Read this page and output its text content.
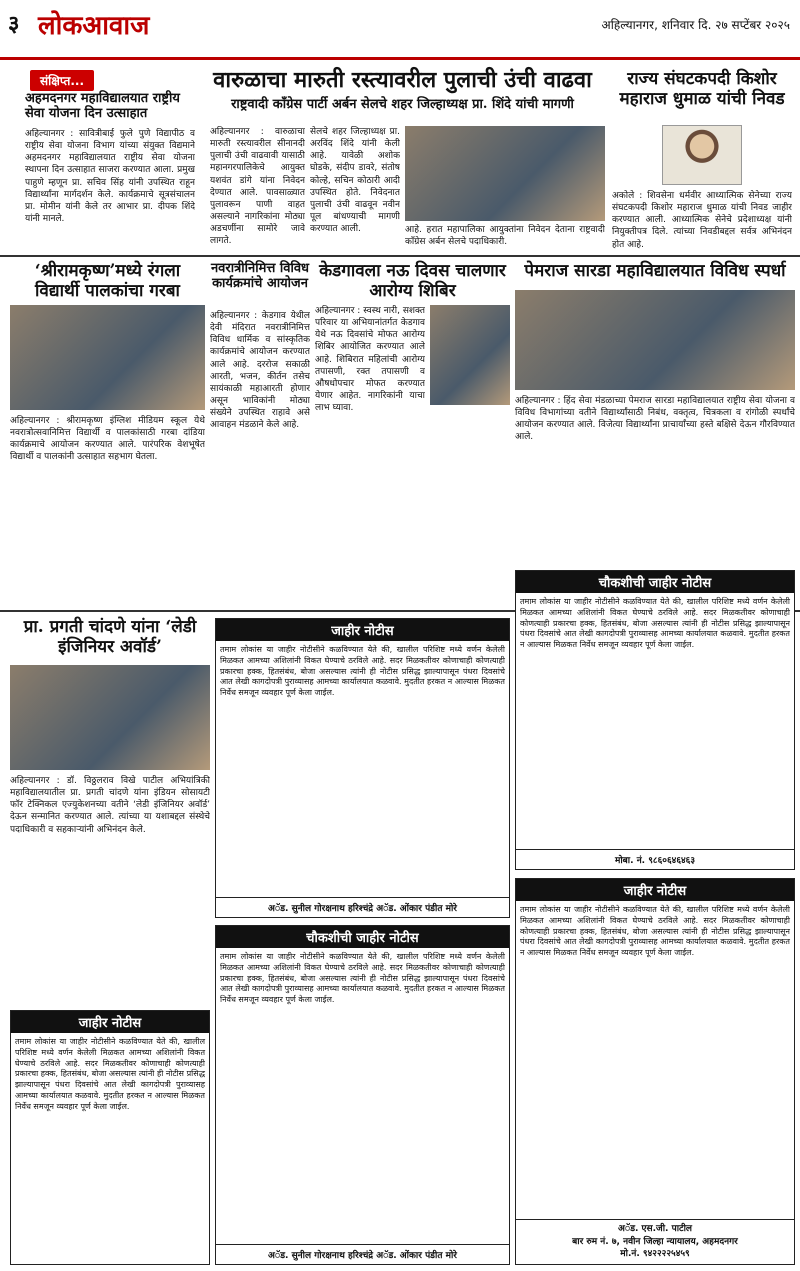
३ लोकआवाज	अहिल्यानगर, शनिवार दि. २७ सप्टेंबर २०२५
संक्षिप्त...
अहमदनगर महाविद्यालयात राष्ट्रीय सेवा योजना दिन उत्साहात

अहिल्यानगर : सावित्रीबाई फुले पुणे विद्यापीठ व राष्ट्रीय सेवा योजना विभाग यांच्या संयुक्त विद्यमाने अहमदनगर महाविद्यालयात राष्ट्रीय सेवा योजना स्थापना दिन उत्साहात साजरा करण्यात आला. प्रमुख पाहुणे म्हणून प्रा. सचिव सिंह यांनी उपस्थित राहून विद्यार्थ्यांना मार्गदर्शन केले. कार्यक्रमाचे सूत्रसंचालन प्रा. मोमीन यांनी केले तर आभार प्रा. दीपक शिंदे यांनी मानले.

वारुळाचा मारुती रस्त्यावरील पुलाची उंची वाढवा
राष्ट्रवादी काँग्रेस पार्टी अर्बन सेलचे शहर जिल्हाध्यक्ष प्रा. शिंदे यांची मागणी

अहिल्यानगर : वारुळाचा मारुती रस्त्यावरील सीनानदी पुलाची उंची वाढवावी यासाठी महानगरपालिकेचे आयुक्त यशवंत डांगे यांना निवेदन देण्यात आले. पावसाळ्यात पुलावरून पाणी वाहत असल्याने नागरिकांना मोठ्या अडचणींना सामोरे जावे लागते.

सेलचे शहर जिल्हाध्यक्ष प्रा. अरविंद शिंदे यांनी केली आहे. यावेळी अशोक घोडके, संदीप डावरे, संतोष कोल्हे, सचिन कोठारी आदी उपस्थित होते. निवेदनात पुलाची उंची वाढवून नवीन पूल बांधण्याची मागणी करण्यात आली.	आहे. हरात महापालिका आयुक्तांना निवेदन देताना राष्ट्रवादी काँग्रेस अर्बन सेलचे पदाधिकारी.

राज्य संघटकपदी किशोर महाराज धुमाळ यांची निवड

अकोले : शिवसेना धर्मवीर आध्यात्मिक सेनेच्या राज्य संघटकपदी किशोर महाराज धुमाळ यांची निवड जाहीर करण्यात आली. आध्यात्मिक सेनेचे प्रदेशाध्यक्ष यांनी नियुक्तीपत्र दिले. त्यांच्या निवडीबद्दल सर्वत्र अभिनंदन होत आहे.

‘श्रीरामकृष्ण’मध्ये रंगला विद्यार्थी पालकांचा गरबा

अहिल्यानगर : श्रीरामकृष्ण इंग्लिश मीडियम स्कूल येथे नवरात्रोत्सवानिमित्त विद्यार्थी व पालकांसाठी गरबा दांडिया कार्यक्रमाचे आयोजन करण्यात आले. पारंपरिक वेशभूषेत विद्यार्थी व पालकांनी उत्साहात सहभाग घेतला.

नवरात्रीनिमित्त विविध कार्यक्रमांचे आयोजन

अहिल्यानगर : केडगाव येथील देवी मंदिरात नवरात्रीनिमित्त विविध धार्मिक व सांस्कृतिक कार्यक्रमांचे आयोजन करण्यात आले आहे. दररोज सकाळी आरती, भजन, कीर्तन तसेच सायंकाळी महाआरती होणार असून भाविकांनी मोठ्या संख्येने उपस्थित राहावे असे आवाहन मंडळाने केले आहे.

केडगावला नऊ दिवस चालणार आरोग्य शिबिर

अहिल्यानगर : स्वस्थ नारी, सशक्त परिवार या अभियानांतर्गत केडगाव येथे नऊ दिवसांचे मोफत आरोग्य शिबिर आयोजित करण्यात आले आहे. शिबिरात महिलांची आरोग्य तपासणी, रक्त तपासणी व औषधोपचार मोफत करण्यात येणार आहेत. नागरिकांनी याचा लाभ घ्यावा.

पेमराज सारडा महाविद्यालयात विविध स्पर्धा

अहिल्यानगर : हिंद सेवा मंडळाच्या पेमराज सारडा महाविद्यालयात राष्ट्रीय सेवा योजना व विविध विभागांच्या वतीने विद्यार्थ्यांसाठी निबंध, वक्तृत्व, चित्रकला व रांगोळी स्पर्धांचे आयोजन करण्यात आले. विजेत्या विद्यार्थ्यांना प्राचार्यांच्या हस्ते बक्षिसे देऊन गौरविण्यात आले.

प्रा. प्रगती चांदणे यांना ‘लेडी इंजिनियर अवॉर्ड’

अहिल्यानगर : डॉ. विठ्ठलराव विखे पाटील अभियांत्रिकी महाविद्यालयातील प्रा. प्रगती चांदणे यांना इंडियन सोसायटी फॉर टेक्निकल एज्युकेशनच्या वतीने ‘लेडी इंजिनियर अवॉर्ड’ देऊन सन्मानित करण्यात आले. त्यांच्या या यशाबद्दल संस्थेचे पदाधिकारी व सहकाऱ्यांनी अभिनंदन केले.

जाहीर नोटीस
तमाम लोकांस या जाहीर नोटीसीने कळविण्यात येते की, खालील परिशिष्ट मध्ये वर्णन केलेली मिळकत आमच्या अशिलांनी विकत घेण्याचे ठरविले आहे. सदर मिळकतीवर कोणाचाही कोणत्याही प्रकारचा हक्क, हितसंबंध, बोजा असल्यास त्यांनी ही नोटीस प्रसिद्ध झाल्यापासून पंधरा दिवसांचे आत लेखी कागदोपत्री पुराव्यासह आमच्या कार्यालयात कळवावे. मुदतीत हरकत न आल्यास मिळकत निर्वेध समजून व्यवहार पूर्ण केला जाईल.
अॅड. सुनील गोरक्षनाथ हरिश्चंद्रे अॅड. ओंकार पंडीत मोरे
चौकशीची जाहीर नोटीस
तमाम लोकांस या जाहीर नोटीसीने कळविण्यात येते की, खालील परिशिष्ट मध्ये वर्णन केलेली मिळकत आमच्या अशिलांनी विकत घेण्याचे ठरविले आहे. सदर मिळकतीवर कोणाचाही कोणत्याही प्रकारचा हक्क, हितसंबंध, बोजा असल्यास त्यांनी ही नोटीस प्रसिद्ध झाल्यापासून पंधरा दिवसांचे आत लेखी कागदोपत्री पुराव्यासह आमच्या कार्यालयात कळवावे. मुदतीत हरकत न आल्यास मिळकत निर्वेध समजून व्यवहार पूर्ण केला जाईल.
मोबा. नं. ९८६०६४६४६३
चौकशीची जाहीर नोटीस
तमाम लोकांस या जाहीर नोटीसीने कळविण्यात येते की, खालील परिशिष्ट मध्ये वर्णन केलेली मिळकत आमच्या अशिलांनी विकत घेण्याचे ठरविले आहे. सदर मिळकतीवर कोणाचाही कोणत्याही प्रकारचा हक्क, हितसंबंध, बोजा असल्यास त्यांनी ही नोटीस प्रसिद्ध झाल्यापासून पंधरा दिवसांचे आत लेखी कागदोपत्री पुराव्यासह आमच्या कार्यालयात कळवावे. मुदतीत हरकत न आल्यास मिळकत निर्वेध समजून व्यवहार पूर्ण केला जाईल.
अॅड. सुनील गोरक्षनाथ हरिश्चंद्रे अॅड. ओंकार पंडीत मोरे
जाहीर नोटीस
तमाम लोकांस या जाहीर नोटीसीने कळविण्यात येते की, खालील परिशिष्ट मध्ये वर्णन केलेली मिळकत आमच्या अशिलांनी विकत घेण्याचे ठरविले आहे. सदर मिळकतीवर कोणाचाही कोणत्याही प्रकारचा हक्क, हितसंबंध, बोजा असल्यास त्यांनी ही नोटीस प्रसिद्ध झाल्यापासून पंधरा दिवसांचे आत लेखी कागदोपत्री पुराव्यासह आमच्या कार्यालयात कळवावे. मुदतीत हरकत न आल्यास मिळकत निर्वेध समजून व्यवहार पूर्ण केला जाईल.
जाहीर नोटीस
तमाम लोकांस या जाहीर नोटीसीने कळविण्यात येते की, खालील परिशिष्ट मध्ये वर्णन केलेली मिळकत आमच्या अशिलांनी विकत घेण्याचे ठरविले आहे. सदर मिळकतीवर कोणाचाही कोणत्याही प्रकारचा हक्क, हितसंबंध, बोजा असल्यास त्यांनी ही नोटीस प्रसिद्ध झाल्यापासून पंधरा दिवसांचे आत लेखी कागदोपत्री पुराव्यासह आमच्या कार्यालयात कळवावे. मुदतीत हरकत न आल्यास मिळकत निर्वेध समजून व्यवहार पूर्ण केला जाईल.
अॅड. एस.जी. पाटील
बार रुम नं. ७, नवीन जिल्हा न्यायालय, अहमदनगर
मो.नं. ९४२२२२५४५९
